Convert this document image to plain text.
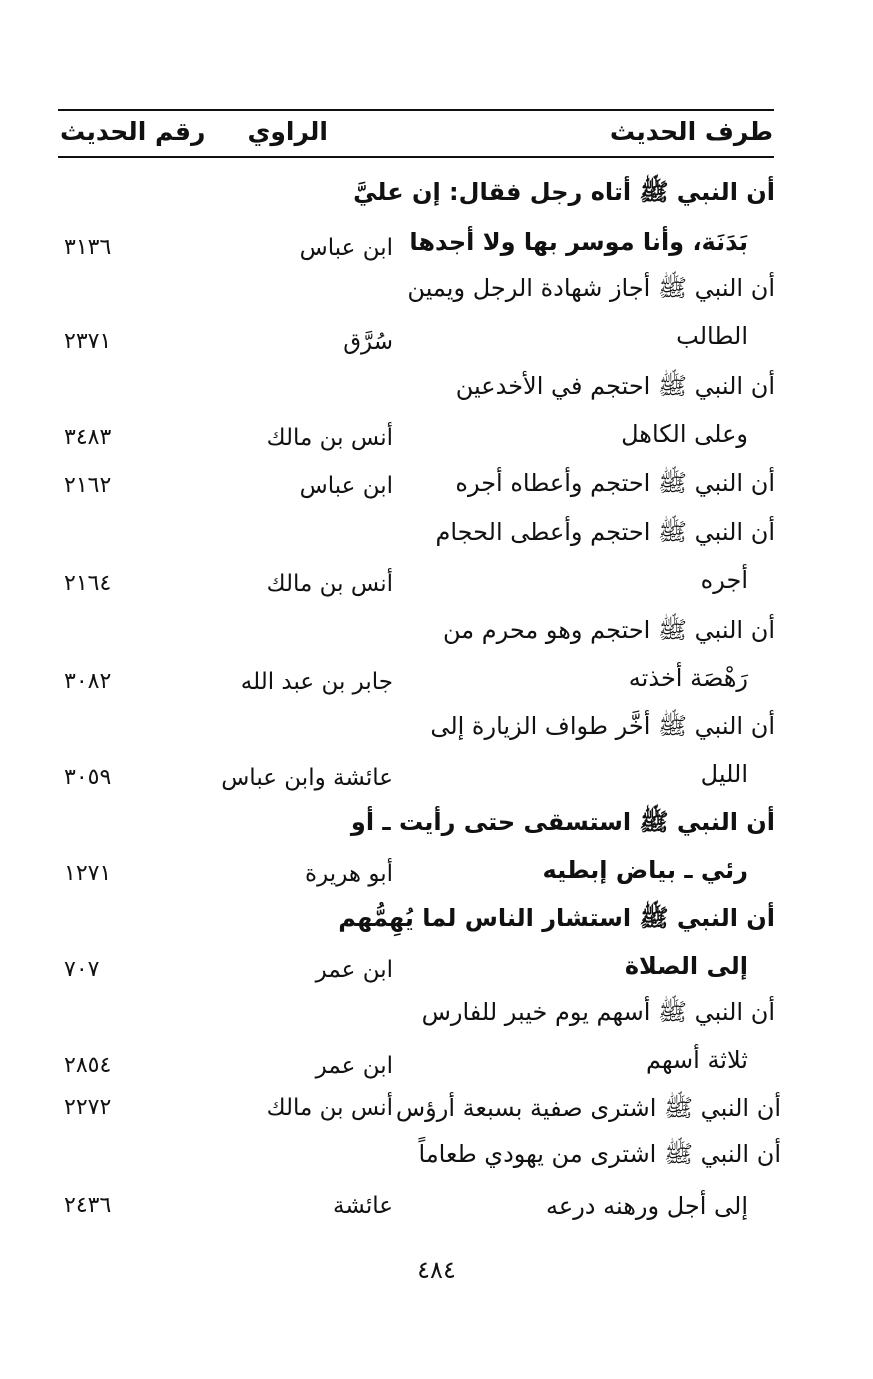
طرف الحديث
الراوي
رقم الحديث
أن النبي ﷺ أتاه رجل فقال: إن عليَّ
بَدَنَة، وأنا موسر بها ولا أجدها
ابن عباس
٣١٣٦
أن النبي ﷺ أجاز شهادة الرجل ويمين
الطالب
سُرَّق
٢٣٧١
أن النبي ﷺ احتجم في الأخدعين
وعلى الكاهل
أنس بن مالك
٣٤٨٣
أن النبي ﷺ احتجم وأعطاه أجره
ابن عباس
٢١٦٢
أن النبي ﷺ احتجم وأعطى الحجام
أجره
أنس بن مالك
٢١٦٤
أن النبي ﷺ احتجم وهو محرم من
رَهْصَة أخذته
جابر بن عبد الله
٣٠٨٢
أن النبي ﷺ أخَّر طواف الزيارة إلى
الليل
عائشة وابن عباس
٣٠٥٩
أن النبي ﷺ استسقى حتى رأيت ـ أو
رئي ـ بياض إبطيه
أبو هريرة
١٢٧١
أن النبي ﷺ استشار الناس لما يُهِمُّهم
إلى الصلاة
ابن عمر
٧٠٧
أن النبي ﷺ أسهم يوم خيبر للفارس
ثلاثة أسهم
ابن عمر
٢٨٥٤
أن النبي ﷺ اشترى صفية بسبعة أرؤس
أنس بن مالك
٢٢٧٢
أن النبي ﷺ اشترى من يهودي طعاماً
إلى أجل ورهنه درعه
عائشة
٢٤٣٦
٤٨٤
